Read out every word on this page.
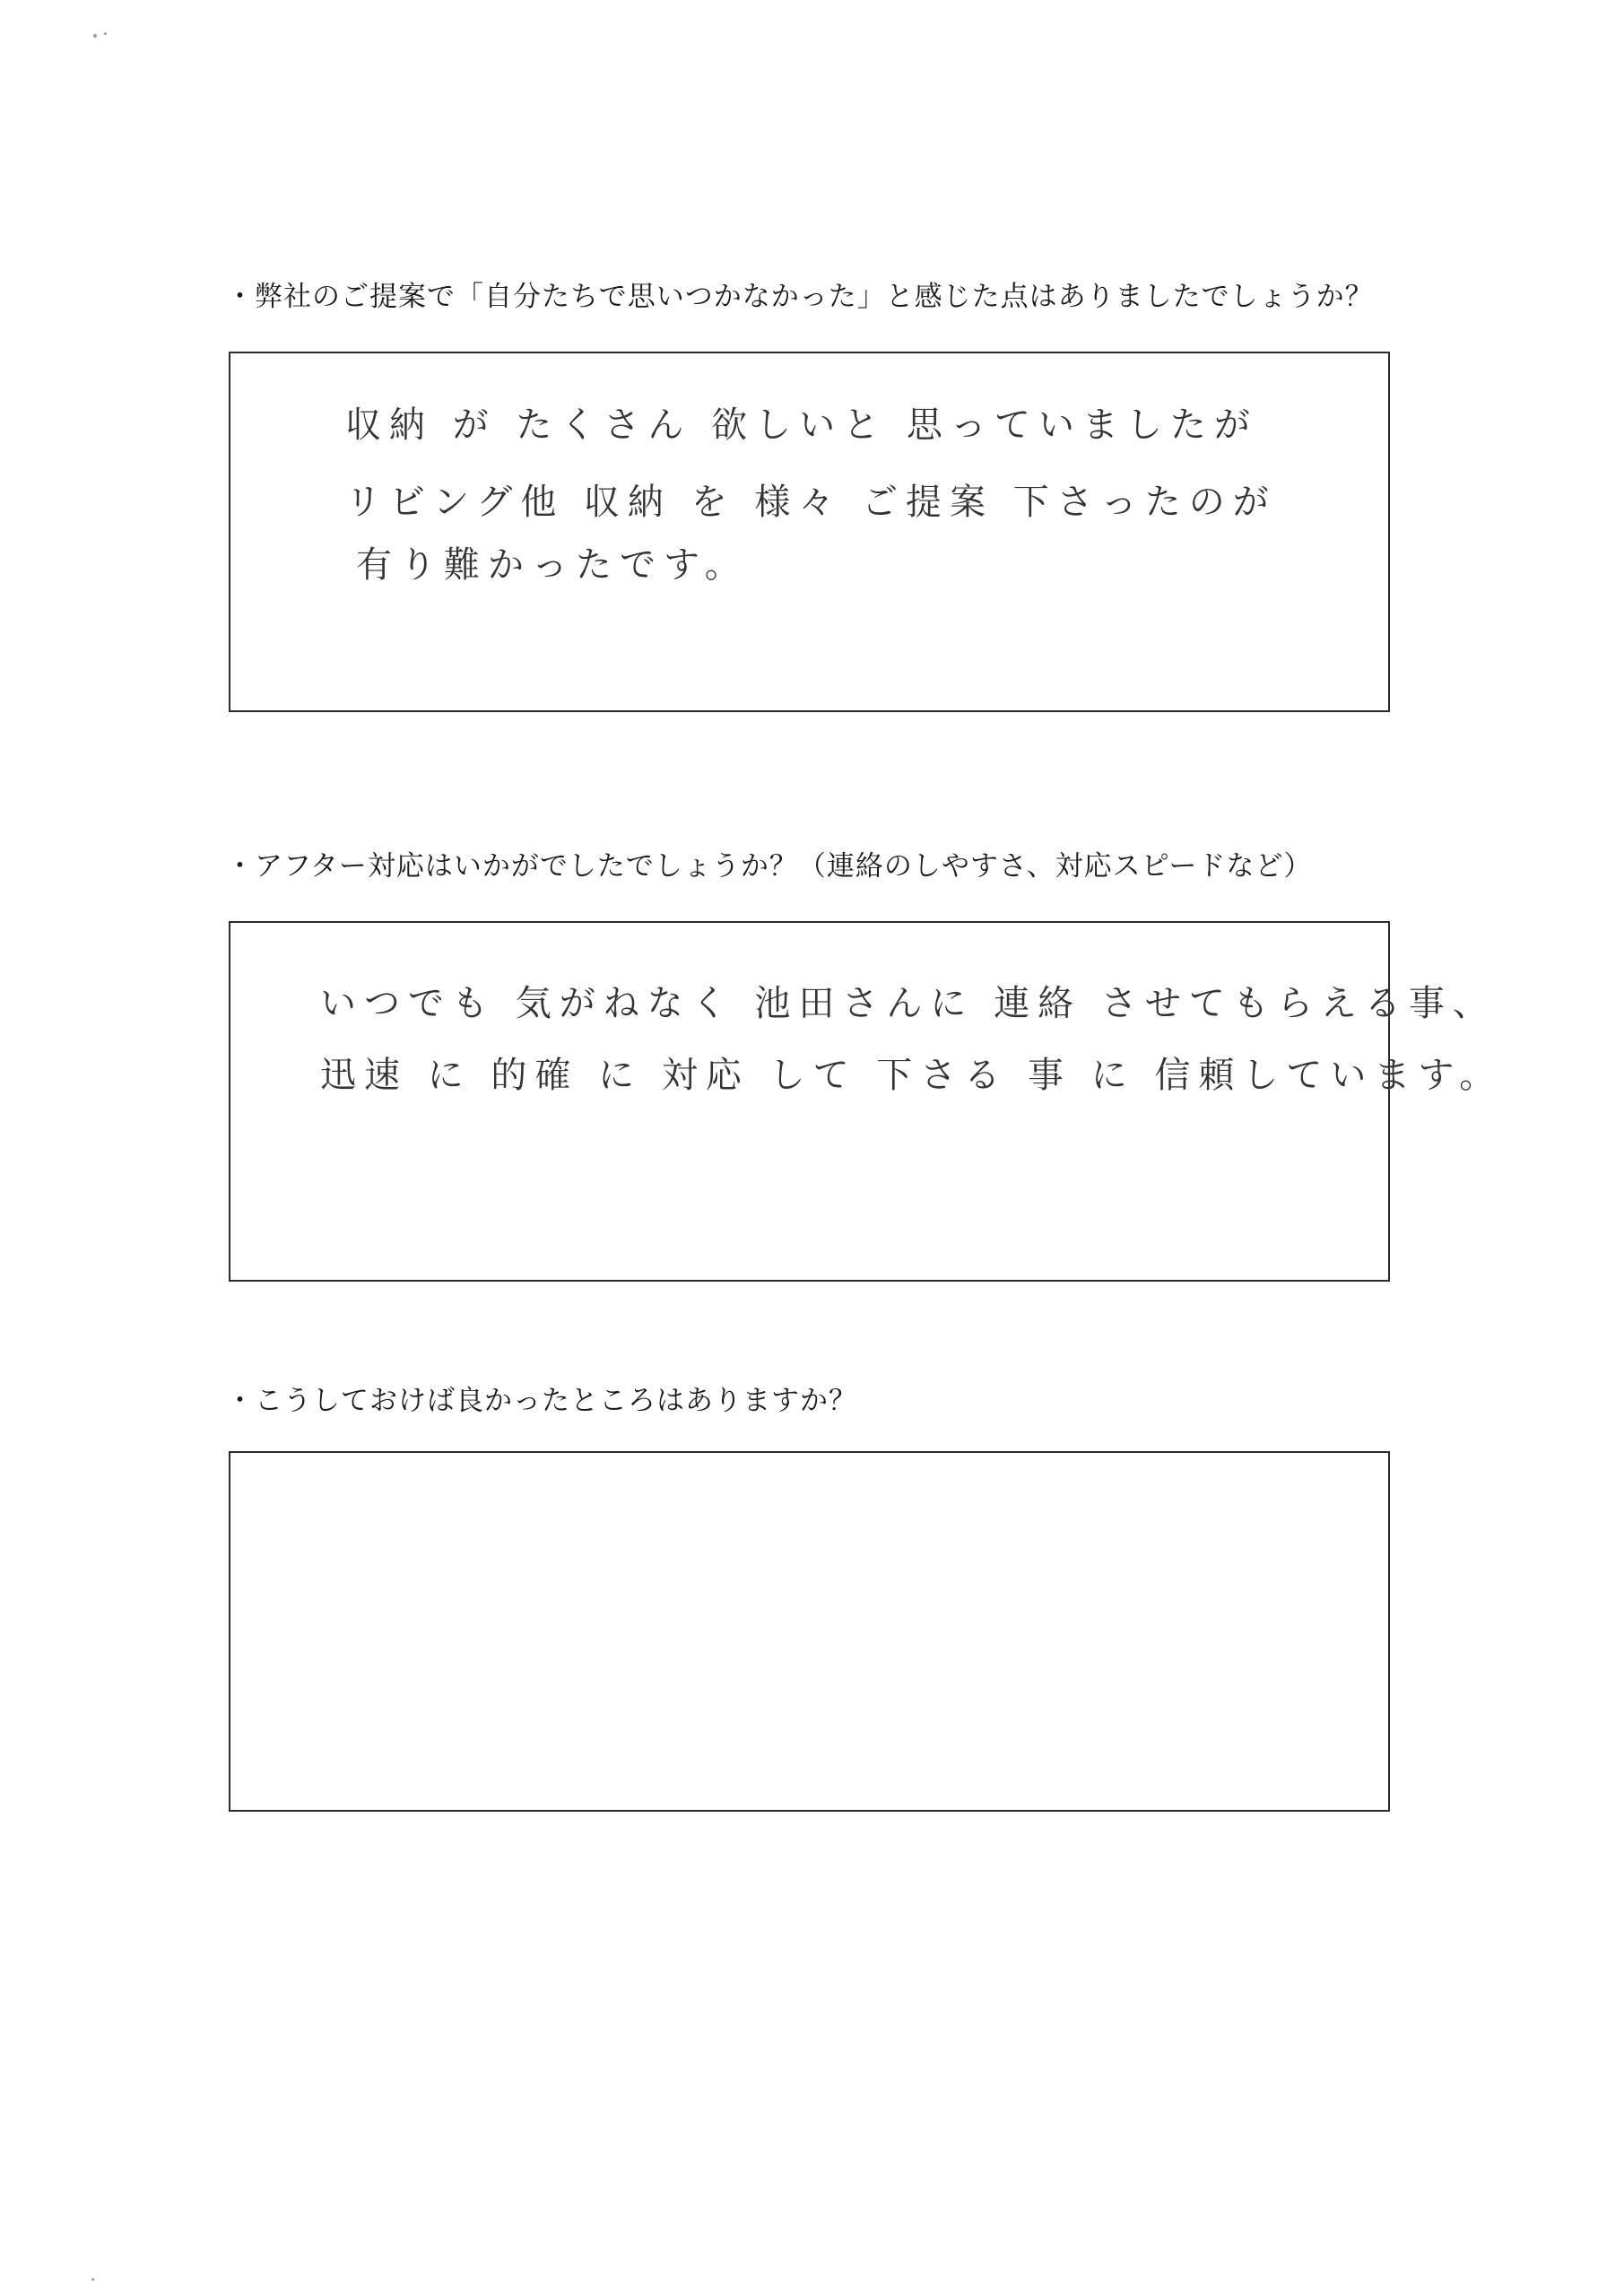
・弊社のご提案で「自分たちで思いつかなかった」と感じた点はありましたでしょうか？
収納 が たくさん 欲しいと 思っていましたが
リビング他 収納 を 様々 ご提案 下さったのが
有り難かったです。
・アフター対応はいかがでしたでしょうか？（連絡のしやすさ、対応スピードなど）
いつでも 気がねなく 池田さんに 連絡 させてもらえる事、
迅速 に 的確 に 対応 して 下さる 事 に 信頼しています。
・こうしておけば良かったところはありますか？
